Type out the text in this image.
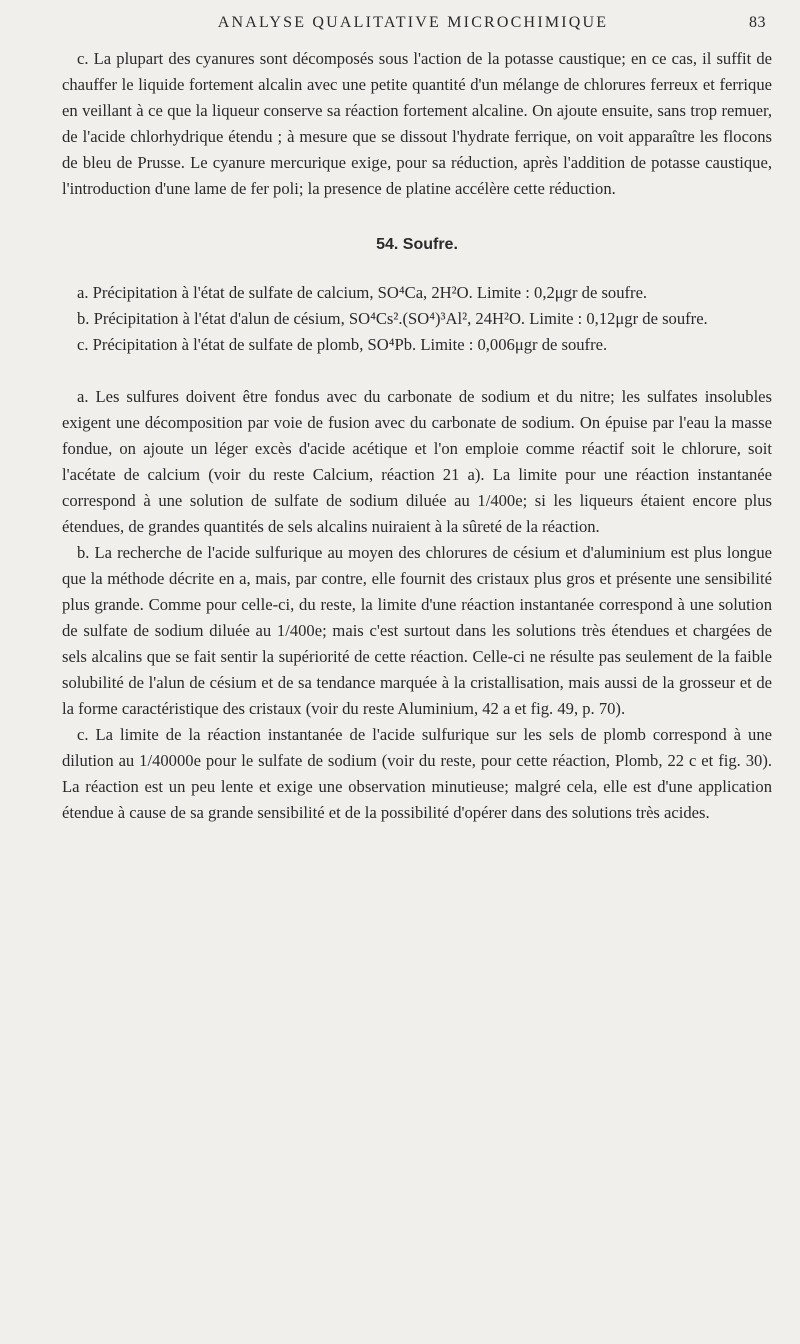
ANALYSE QUALITATIVE MICROCHIMIQUE	83

c. La plupart des cyanures sont décomposés sous l'action de la potasse caustique; en ce cas, il suffit de chauffer le liquide fortement alcalin avec une petite quantité d'un mélange de chlorures ferreux et ferrique en veillant à ce que la liqueur conserve sa réaction fortement alcaline. On ajoute ensuite, sans trop remuer, de l'acide chlorhydrique étendu ; à mesure que se dissout l'hydrate ferrique, on voit apparaître les flocons de bleu de Prusse. Le cyanure mercurique exige, pour sa réduction, après l'addition de potasse caustique, l'introduction d'une lame de fer poli; la presence de platine accélère cette réduction.

54. Soufre.

a. Précipitation à l'état de sulfate de calcium, SO⁴Ca, 2H²O. Limite : 0,2μgr de soufre.

b. Précipitation à l'état d'alun de césium, SO⁴Cs².(SO⁴)³Al², 24H²O. Limite : 0,12μgr de soufre.

c. Précipitation à l'état de sulfate de plomb, SO⁴Pb. Limite : 0,006μgr de soufre.

a. Les sulfures doivent être fondus avec du carbonate de sodium et du nitre; les sulfates insolubles exigent une décomposition par voie de fusion avec du carbonate de sodium. On épuise par l'eau la masse fondue, on ajoute un léger excès d'acide acétique et l'on emploie comme réactif soit le chlorure, soit l'acétate de calcium (voir du reste Calcium, réaction 21 a). La limite pour une réaction instantanée correspond à une solution de sulfate de sodium diluée au 1/400e; si les liqueurs étaient encore plus étendues, de grandes quantités de sels alcalins nuiraient à la sûreté de la réaction.

b. La recherche de l'acide sulfurique au moyen des chlorures de césium et d'aluminium est plus longue que la méthode décrite en a, mais, par contre, elle fournit des cristaux plus gros et présente une sensibilité plus grande. Comme pour celle-ci, du reste, la limite d'une réaction instantanée correspond à une solution de sulfate de sodium diluée au 1/400e; mais c'est surtout dans les solutions très étendues et chargées de sels alcalins que se fait sentir la supériorité de cette réaction. Celle-ci ne résulte pas seulement de la faible solubilité de l'alun de césium et de sa tendance marquée à la cristallisation, mais aussi de la grosseur et de la forme caractéristique des cristaux (voir du reste Aluminium, 42 a et fig. 49, p. 70).

c. La limite de la réaction instantanée de l'acide sulfurique sur les sels de plomb correspond à une dilution au 1/40000e pour le sulfate de sodium (voir du reste, pour cette réaction, Plomb, 22 c et fig. 30). La réaction est un peu lente et exige une observation minutieuse; malgré cela, elle est d'une application étendue à cause de sa grande sensibilité et de la possibilité d'opérer dans des solutions très acides.
